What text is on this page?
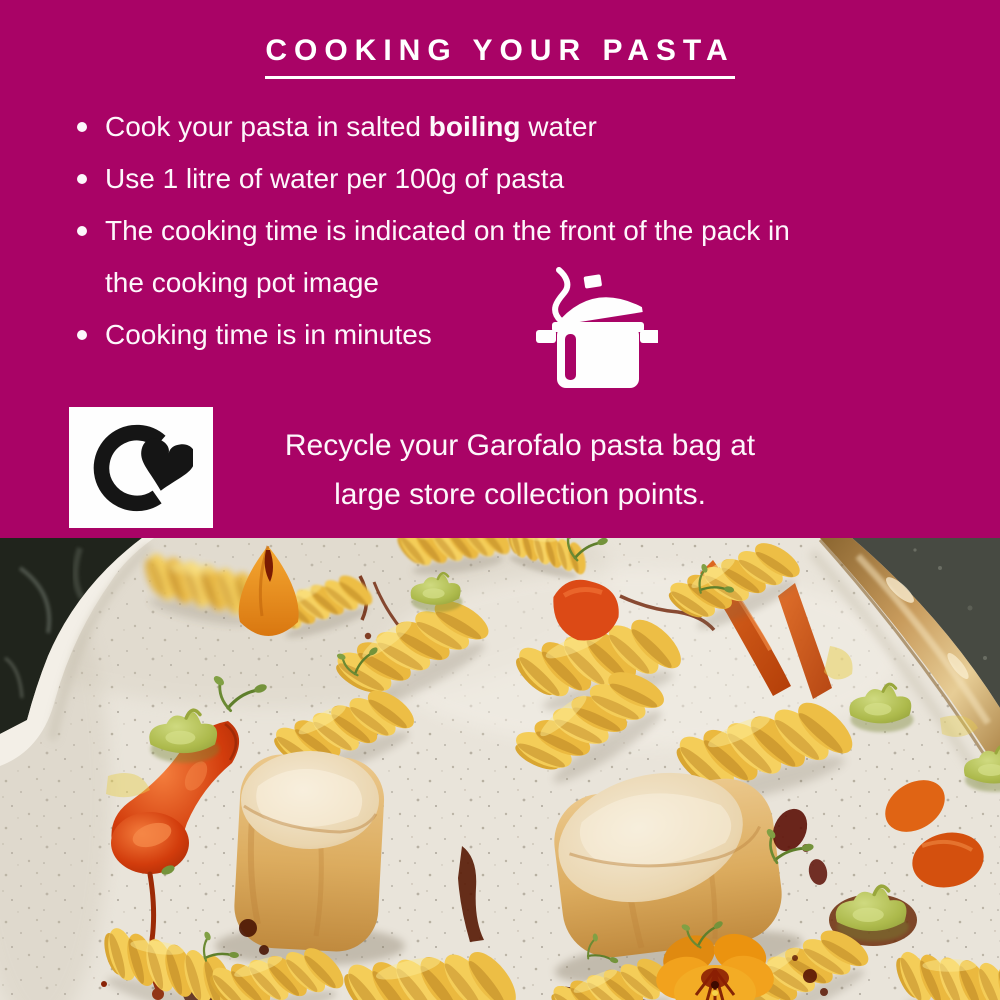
COOKING YOUR PASTA
Cook your pasta in salted boiling water
Use 1 litre of water per 100g of pasta
The cooking time is indicated on the front of the pack in
the cooking pot image
Cooking time is in minutes
Recycle your Garofalo pasta bag at
large store collection points.
